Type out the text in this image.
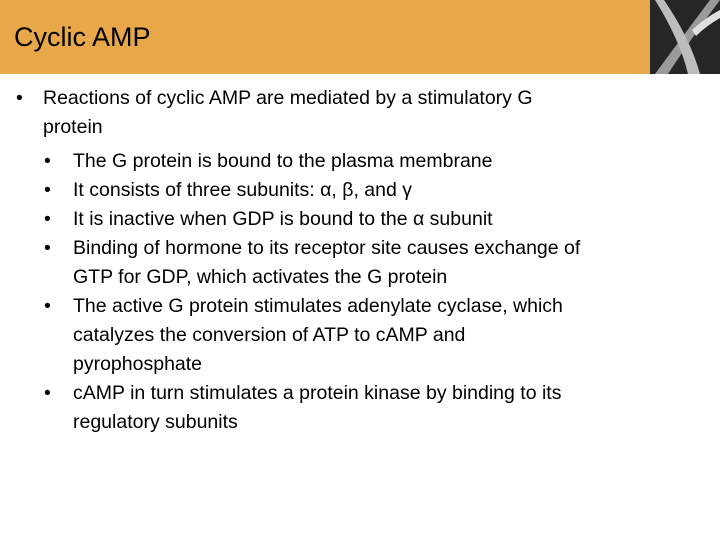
Cyclic AMP
• Reactions of cyclic AMP are mediated by a stimulatory G
protein
• The G protein is bound to the plasma membrane
• It consists of three subunits: α, β, and γ
• It is inactive when GDP is bound to the α subunit
• Binding of hormone to its receptor site causes exchange of
GTP for GDP, which activates the G protein
• The active G protein stimulates adenylate cyclase, which
catalyzes the conversion of ATP to cAMP and
pyrophosphate
• cAMP in turn stimulates a protein kinase by binding to its
regulatory subunits
